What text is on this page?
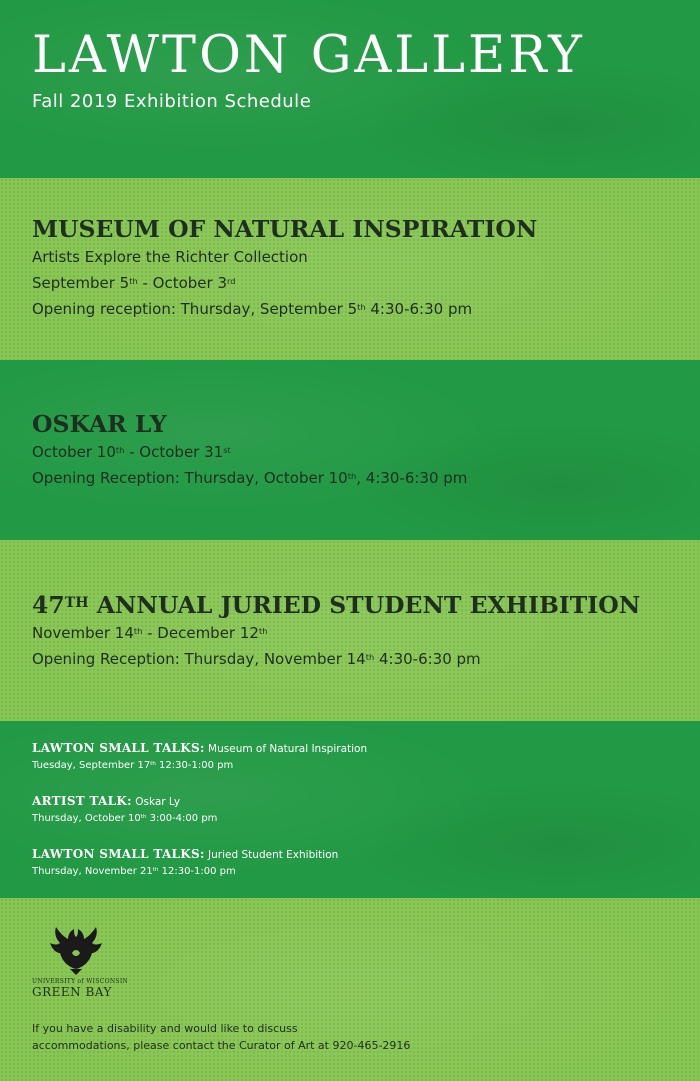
LAWTON GALLERY

Fall 2019 Exhibition Schedule

MUSEUM OF NATURAL INSPIRATION

Artists Explore the Richter Collection

September 5th - October 3rd

Opening reception: Thursday, September 5th 4:30-6:30 pm

OSKAR LY

October 10th - October 31st

Opening Reception: Thursday, October 10th, 4:30-6:30 pm

47TH ANNUAL JURIED STUDENT EXHIBITION

November 14th - December 12th

Opening Reception: Thursday, November 14th 4:30-6:30 pm

LAWTON SMALL TALKS: Museum of Natural Inspiration

Tuesday, September 17th 12:30-1:00 pm

ARTIST TALK: Oskar Ly

Thursday, October 10th 3:00-4:00 pm

LAWTON SMALL TALKS: Juried Student Exhibition

Thursday, November 21th 12:30-1:00 pm

UNIVERSITY of WISCONSIN
GREEN BAY

If you have a disability and would like to discuss
accommodations, please contact the Curator of Art at 920-465-2916
